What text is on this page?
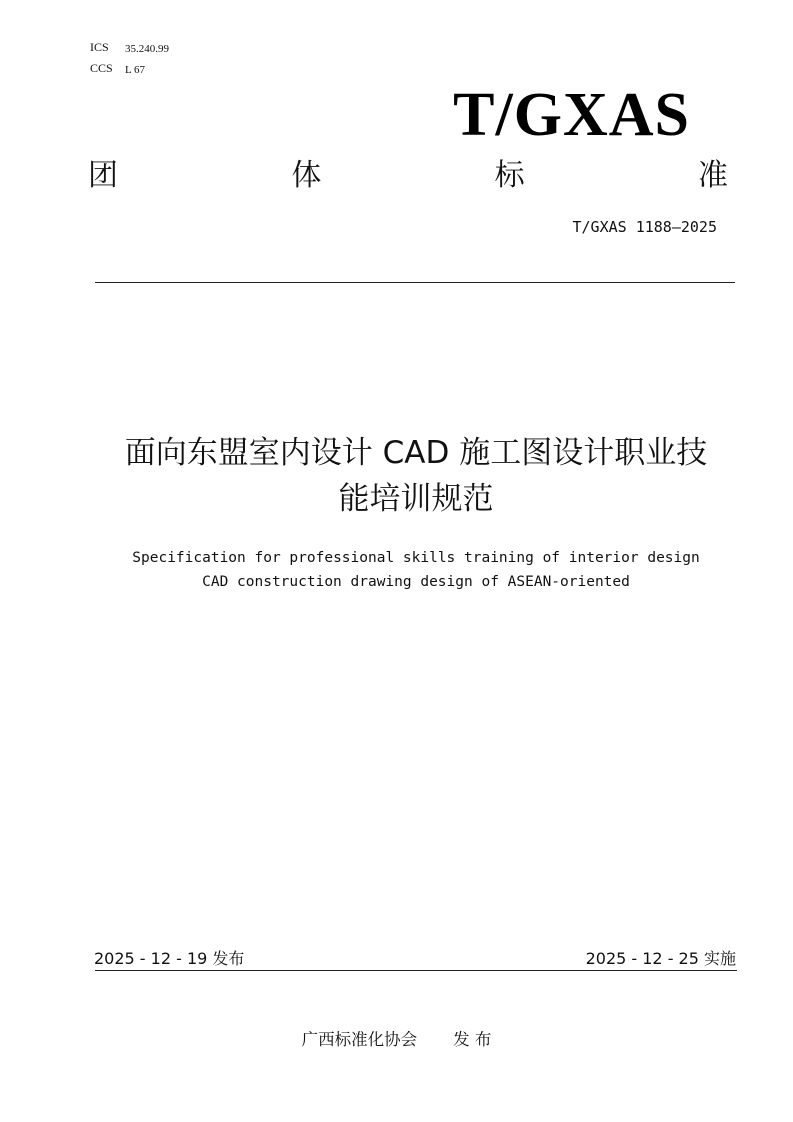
ICS 35.240.99
CCS L 67
T/GXAS
团	体	标	准
T/GXAS 1188—2025
面向东盟室内设计 CAD 施工图设计职业技
能培训规范
Specification for professional skills training of interior design
CAD construction drawing design of ASEAN-oriented
2025 - 12 - 19 发布	2025 - 12 - 25 实施
广西标准化协会 发 布
